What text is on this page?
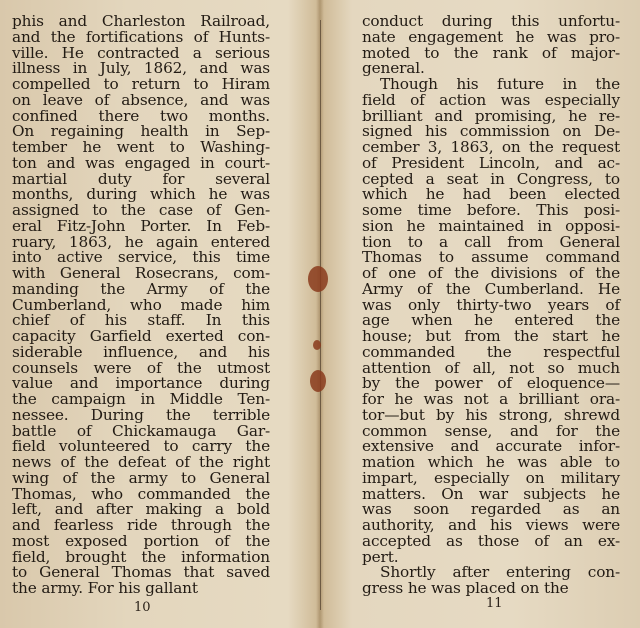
phis and Charleston Railroad,
and the fortifications of Hunts-
ville. He contracted a serious
illness in July, 1862, and was
compelled to return to Hiram
on leave of absence, and was
confined there two months.
On regaining health in Sep-
tember he went to Washing-
ton and was engaged in court-
martial duty for several
months, during which he was
assigned to the case of Gen-
eral Fitz-John Porter. In Feb-
ruary, 1863, he again entered
into active service, this time
with General Rosecrans, com-
manding the Army of the
Cumberland, who made him
chief of his staff. In this
capacity Garfield exerted con-
siderable influence, and his
counsels were of the utmost
value and importance during
the campaign in Middle Ten-
nessee. During the terrible
battle of Chickamauga Gar-
field volunteered to carry the
news of the defeat of the right
wing of the army to General
Thomas, who commanded the
left, and after making a bold
and fearless ride through the
most exposed portion of the
field, brought the information
to General Thomas that saved
the army. For his gallant
conduct during this unfortu-
nate engagement he was pro-
moted to the rank of major-
general.
Though his future in the
field of action was especially
brilliant and promising, he re-
signed his commission on De-
cember 3, 1863, on the request
of President Lincoln, and ac-
cepted a seat in Congress, to
which he had been elected
some time before. This posi-
sion he maintained in opposi-
tion to a call from General
Thomas to assume command
of one of the divisions of the
Army of the Cumberland. He
was only thirty-two years of
age when he entered the
house; but from the start he
commanded the respectful
attention of all, not so much
by the power of eloquence—
for he was not a brilliant ora-
tor—but by his strong, shrewd
common sense, and for the
extensive and accurate infor-
mation which he was able to
impart, especially on military
matters. On war subjects he
was soon regarded as an
authority, and his views were
accepted as those of an ex-
pert.
Shortly after entering con-
gress he was placed on the
10	11
